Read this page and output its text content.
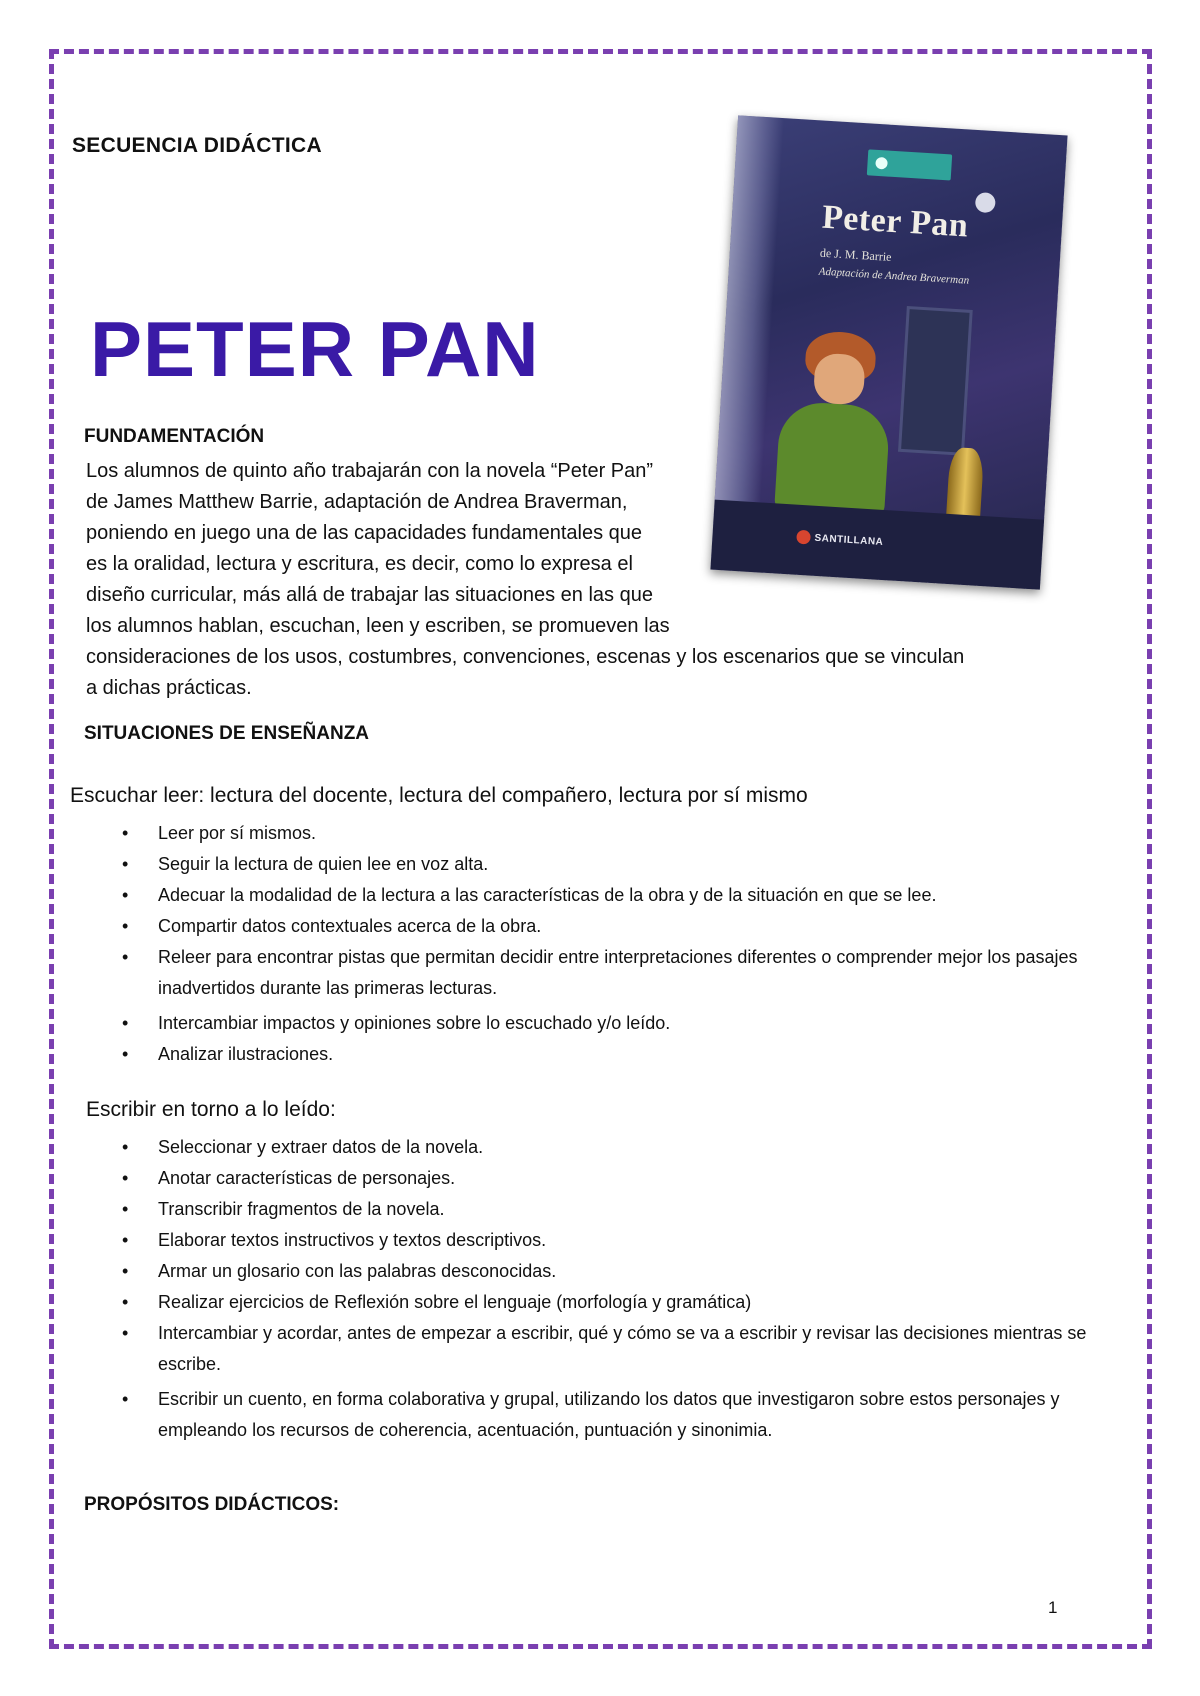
SECUENCIA DIDÁCTICA
PETER PAN
Peter Pan
de J. M. Barrie
Adaptación de Andrea Braverman
SANTILLANA
FUNDAMENTACIÓN
Los alumnos de quinto año trabajarán con la novela “Peter Pan”
de James Matthew Barrie, adaptación de Andrea Braverman,
poniendo en juego una de las capacidades fundamentales que
es la oralidad, lectura y escritura, es decir, como lo expresa el
diseño curricular, más allá de trabajar las situaciones en las que
los alumnos hablan, escuchan, leen y escriben, se promueven las
consideraciones de los usos, costumbres, convenciones, escenas y los escenarios que se vinculan
a dichas prácticas.
SITUACIONES DE ENSEÑANZA
Escuchar leer: lectura del docente, lectura del compañero, lectura por sí mismo
• Leer por sí mismos.
• Seguir la lectura de quien lee en voz alta.
• Adecuar la modalidad de la lectura a las características de la obra y de la situación en que se lee.
• Compartir datos contextuales acerca de la obra.
• Releer para encontrar pistas que permitan decidir entre interpretaciones diferentes o comprender mejor los pasajes inadvertidos durante las primeras lecturas.
• Intercambiar impactos y opiniones sobre lo escuchado y/o leído.
• Analizar ilustraciones.
Escribir en torno a lo leído:
• Seleccionar y extraer datos de la novela.
• Anotar características de personajes.
• Transcribir fragmentos de la novela.
• Elaborar textos instructivos y textos descriptivos.
• Armar un glosario con las palabras desconocidas.
• Realizar ejercicios de Reflexión sobre el lenguaje (morfología y gramática)
• Intercambiar y acordar, antes de empezar a escribir, qué y cómo se va a escribir y revisar las decisiones mientras se escribe.
• Escribir un cuento, en forma colaborativa y grupal, utilizando los datos que investigaron sobre estos personajes y empleando los recursos de coherencia, acentuación, puntuación y sinonimia.
PROPÓSITOS DIDÁCTICOS:
1
